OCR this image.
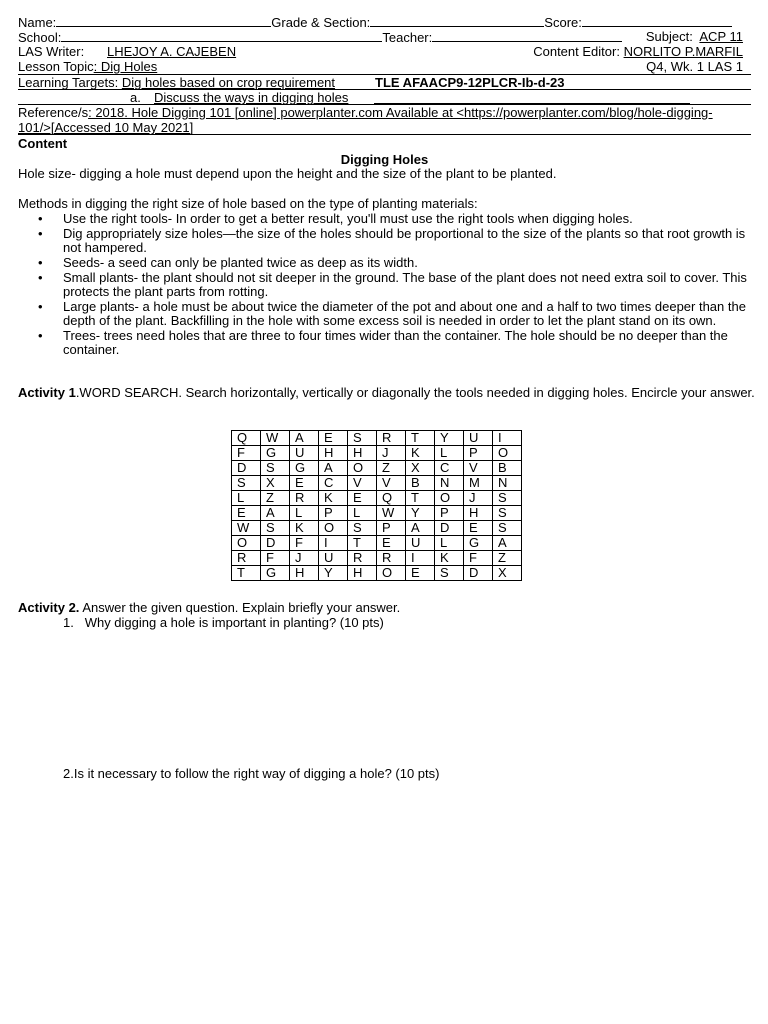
Name:	Grade & Section:	Score:
School:	Teacher:	Subject: ACP 11
LAS Writer: LHEJOY A. CAJEBEN	Content Editor: NORLITO P.MARFIL
Lesson Topic: Dig Holes	Q4, Wk. 1 LAS 1
Learning Targets: Dig holes based on crop requirement	TLE AFAACP9-12PLCR-Ib-d-23
a. Discuss the ways in digging holes
Reference/s: 2018. Hole Digging 101 [online] powerplanter.com Available at <https://powerplanter.com/blog/hole-digging-
101/>[Accessed 10 May 2021]
Content
Digging Holes
Hole size- digging a hole must depend upon the height and the size of the plant to be planted.
Methods in digging the right size of hole based on the type of planting materials:
• Use the right tools- In order to get a better result, you'll must use the right tools when digging holes.
• Dig appropriately size holes—the size of the holes should be proportional to the size of the plants so that root growth is not hampered.
• Seeds- a seed can only be planted twice as deep as its width.
• Small plants- the plant should not sit deeper in the ground. The base of the plant does not need extra soil to cover. This protects the plant parts from rotting.
• Large plants- a hole must be about twice the diameter of the pot and about one and a half to two times deeper than the depth of the plant. Backfilling in the hole with some excess soil is needed in order to let the plant stand on its own.
• Trees- trees need holes that are three to four times wider than the container. The hole should be no deeper than the container.
Activity 1.WORD SEARCH. Search horizontally, vertically or diagonally the tools needed in digging holes. Encircle your answer.
Q	W	A	E	S	R	T	Y	U	I
F	G	U	H	H	J	K	L	P	O
D	S	G	A	O	Z	X	C	V	B
S	X	E	C	V	V	B	N	M	N
L	Z	R	K	E	Q	T	O	J	S
E	A	L	P	L	W	Y	P	H	S
W	S	K	O	S	P	A	D	E	S
O	D	F	I	T	E	U	L	G	A
R	F	J	U	R	R	I	K	F	Z
T	G	H	Y	H	O	E	S	D	X
Activity 2. Answer the given question. Explain briefly your answer.
1. Why digging a hole is important in planting? (10 pts)
2.Is it necessary to follow the right way of digging a hole? (10 pts)
